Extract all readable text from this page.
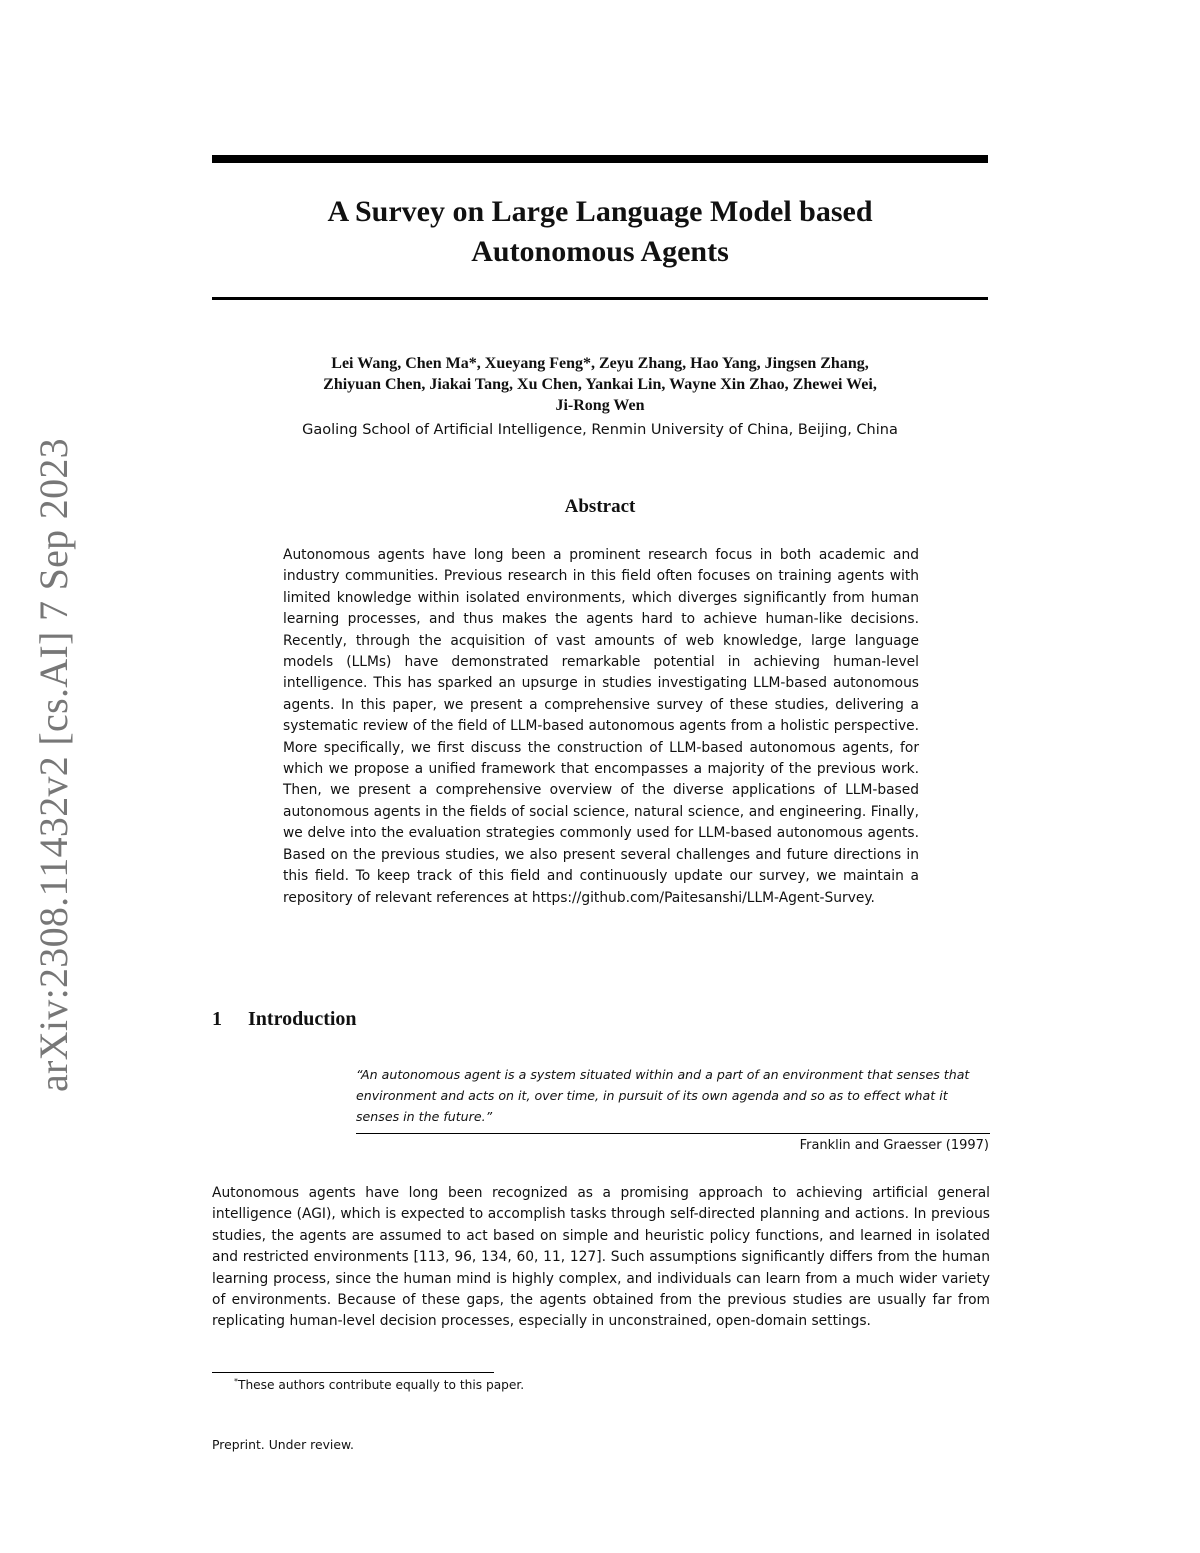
arXiv:2308.11432v2 [cs.AI] 7 Sep 2023
A Survey on Large Language Model based
Autonomous Agents
Lei Wang, Chen Ma*, Xueyang Feng*, Zeyu Zhang, Hao Yang, Jingsen Zhang,
Zhiyuan Chen, Jiakai Tang, Xu Chen, Yankai Lin, Wayne Xin Zhao, Zhewei Wei,
Ji-Rong Wen
Gaoling School of Artificial Intelligence, Renmin University of China, Beijing, China
Abstract
Autonomous agents have long been a prominent research focus in both academic and industry communities. Previous research in this field often focuses on training agents with limited knowledge within isolated environments, which diverges significantly from human learning processes, and thus makes the agents hard to achieve human-like decisions. Recently, through the acquisition of vast amounts of web knowledge, large language models (LLMs) have demonstrated remarkable potential in achieving human-level intelligence. This has sparked an upsurge in studies investigating LLM-based autonomous agents. In this paper, we present a comprehensive survey of these studies, delivering a systematic review of the field of LLM-based autonomous agents from a holistic perspective. More specifically, we first discuss the construction of LLM-based autonomous agents, for which we propose a unified framework that encompasses a majority of the previous work. Then, we present a comprehensive overview of the diverse applications of LLM-based autonomous agents in the fields of social science, natural science, and engineering. Finally, we delve into the evaluation strategies commonly used for LLM-based autonomous agents. Based on the previous studies, we also present several challenges and future directions in this field. To keep track of this field and continuously update our survey, we maintain a repository of relevant references at https://github.com/Paitesanshi/LLM-Agent-Survey.
1 Introduction
“An autonomous agent is a system situated within and a part of an environment that senses that environment and acts on it, over time, in pursuit of its own agenda and so as to effect what it senses in the future.”
Franklin and Graesser (1997)
Autonomous agents have long been recognized as a promising approach to achieving artificial general intelligence (AGI), which is expected to accomplish tasks through self-directed planning and actions. In previous studies, the agents are assumed to act based on simple and heuristic policy functions, and learned in isolated and restricted environments [113, 96, 134, 60, 11, 127]. Such assumptions significantly differs from the human learning process, since the human mind is highly complex, and individuals can learn from a much wider variety of environments. Because of these gaps, the agents obtained from the previous studies are usually far from replicating human-level decision processes, especially in unconstrained, open-domain settings.
*These authors contribute equally to this paper.
Preprint. Under review.
